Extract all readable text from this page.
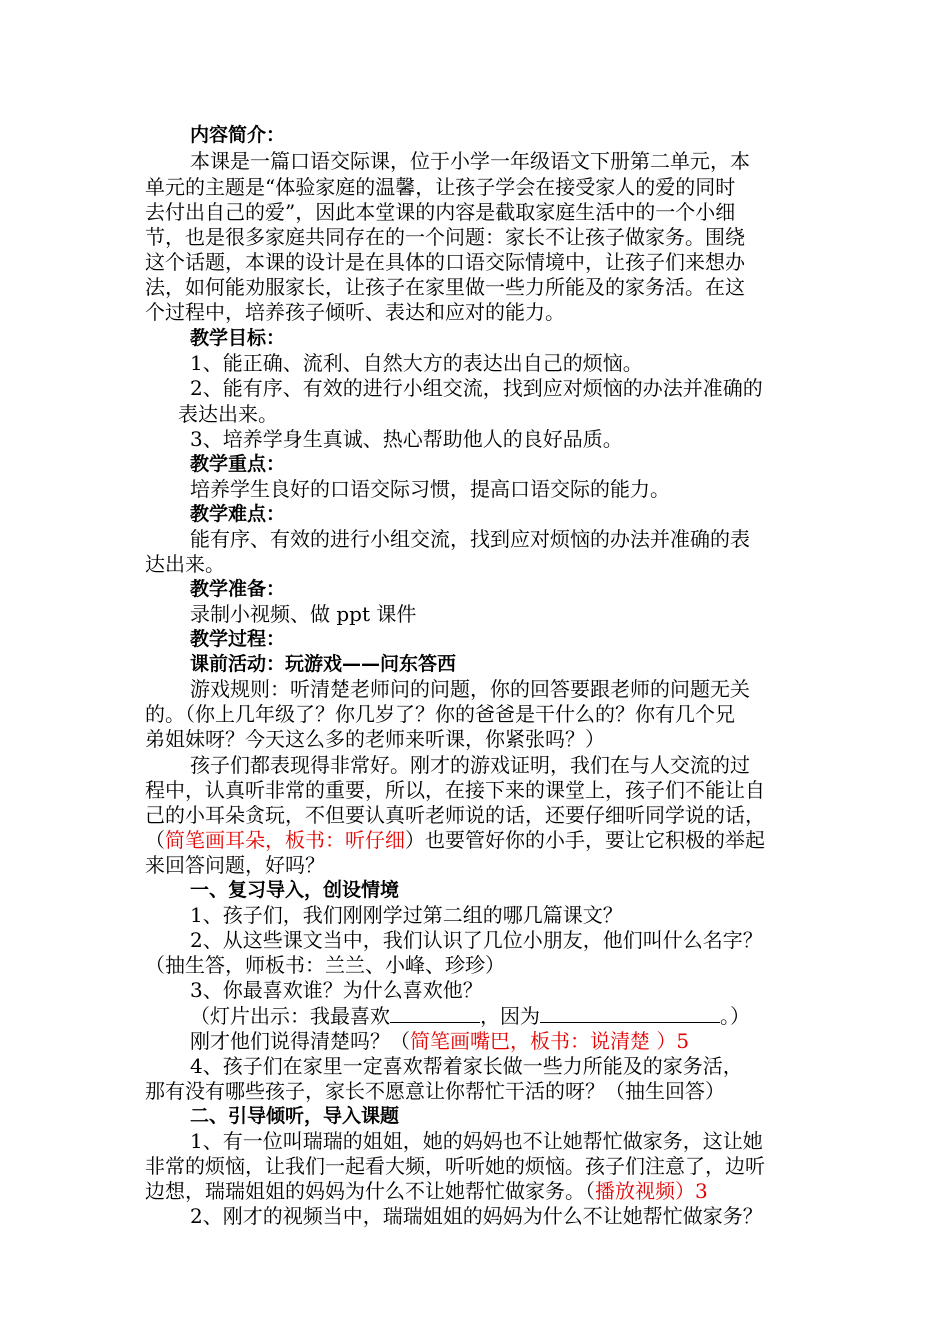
内容简介：
本课是一篇口语交际课，位于小学一年级语文下册第二单元，本
单元的主题是“体验家庭的温馨，让孩子学会在接受家人的爱的同时
去付出自己的爱”，因此本堂课的内容是截取家庭生活中的一个小细
节，也是很多家庭共同存在的一个问题：家长不让孩子做家务。围绕
这个话题，本课的设计是在具体的口语交际情境中，让孩子们来想办
法，如何能劝服家长，让孩子在家里做一些力所能及的家务活。在这
个过程中，培养孩子倾听、表达和应对的能力。
教学目标：
1、能正确、流利、自然大方的表达出自己的烦恼。
2、能有序、有效的进行小组交流，找到应对烦恼的办法并准确的
表达出来。
3、培养学身生真诚、热心帮助他人的良好品质。
教学重点：
培养学生良好的口语交际习惯，提高口语交际的能力。
教学难点：
能有序、有效的进行小组交流，找到应对烦恼的办法并准确的表
达出来。
教学准备：
录制小视频、做 ppt 课件
教学过程：
课前活动：玩游戏——问东答西
游戏规则：听清楚老师问的问题，你的回答要跟老师的问题无关
的。（你上几年级了？你几岁了？你的爸爸是干什么的？你有几个兄
弟姐妹呀？今天这么多的老师来听课，你紧张吗？）
孩子们都表现得非常好。刚才的游戏证明，我们在与人交流的过
程中，认真听非常的重要，所以，在接下来的课堂上，孩子们不能让自
己的小耳朵贪玩，不但要认真听老师说的话，还要仔细听同学说的话，
（简笔画耳朵，板书：听仔细）也要管好你的小手，要让它积极的举起
来回答问题，好吗？
一、复习导入，创设情境
1、孩子们，我们刚刚学过第二组的哪几篇课文？
2、从这些课文当中，我们认识了几位小朋友，他们叫什么名字？
（抽生答，师板书：兰兰、小峰、珍珍）
3、你最喜欢谁？为什么喜欢他？
（灯片出示：我最喜欢	，因为	。）
刚才他们说得清楚吗？（简笔画嘴巴，板书：说清楚 ）5
4、孩子们在家里一定喜欢帮着家长做一些力所能及的家务活，
那有没有哪些孩子，家长不愿意让你帮忙干活的呀？（抽生回答）
二、引导倾听，导入课题
1、有一位叫瑞瑞的姐姐，她的妈妈也不让她帮忙做家务，这让她
非常的烦恼，让我们一起看大频，听听她的烦恼。孩子们注意了，边听
边想，瑞瑞姐姐的妈妈为什么不让她帮忙做家务。（播放视频）3
2、刚才的视频当中，瑞瑞姐姐的妈妈为什么不让她帮忙做家务？
